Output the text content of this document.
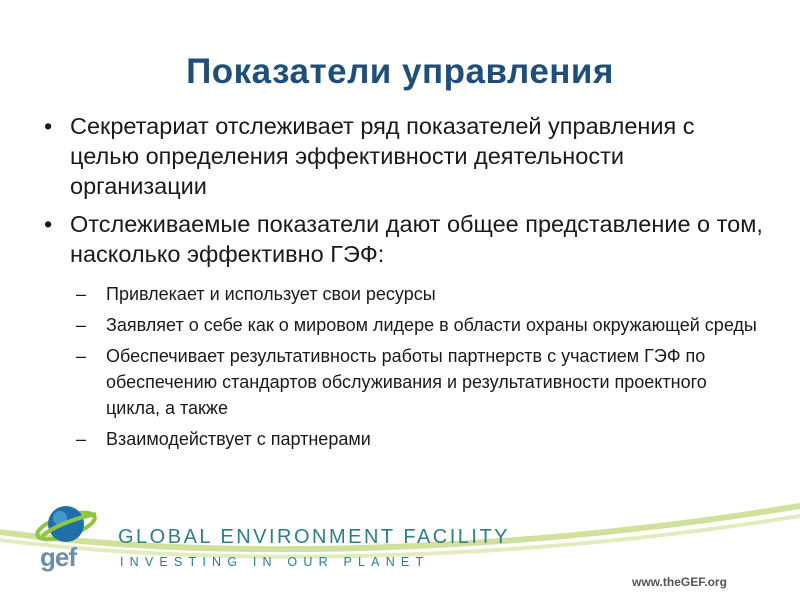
Показатели управления
• Секретариат отслеживает ряд показателей управления с целью определения эффективности деятельности организации
• Отслеживаемые показатели дают общее представление о том, насколько эффективно ГЭФ:
– Привлекает и использует свои ресурсы
– Заявляет о себе как о мировом лидере в области охраны окружающей среды
– Обеспечивает результативность работы партнерств с участием ГЭФ по обеспечению стандартов обслуживания и результативности проектного цикла, а также
– Взаимодействует с партнерами
gef
GLOBAL ENVIRONMENT FACILITY
INVESTING IN OUR PLANET
www.theGEF.org
